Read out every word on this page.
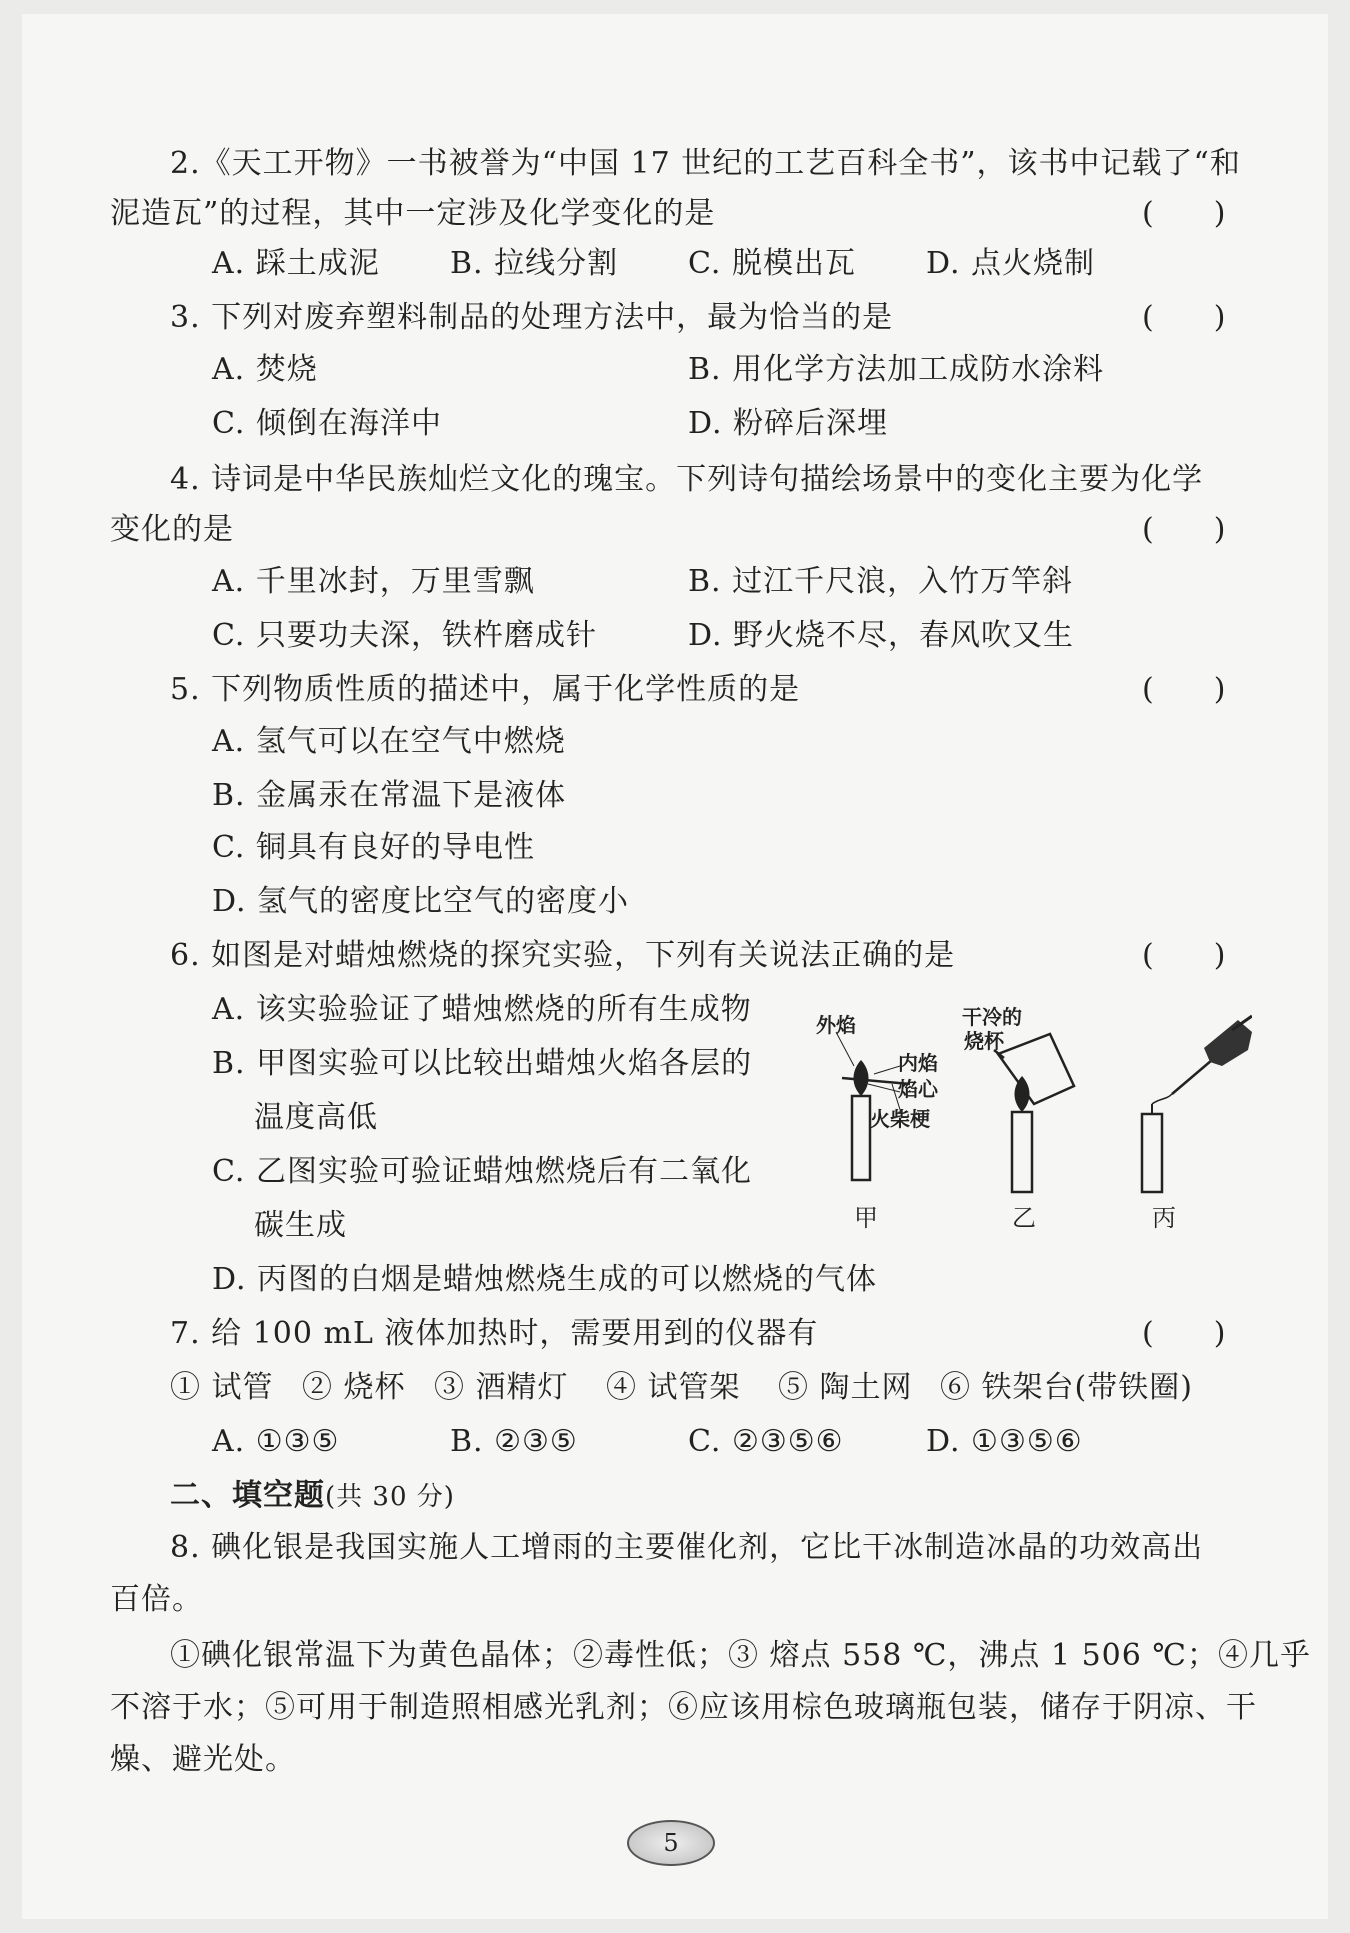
2.《天工开物》一书被誉为“中国 17 世纪的工艺百科全书”，该书中记载了“和
泥造瓦”的过程，其中一定涉及化学变化的是	(　　)
A. 踩土成泥 B. 拉线分割 C. 脱模出瓦 D. 点火烧制
3. 下列对废弃塑料制品的处理方法中，最为恰当的是	(　　)
A. 焚烧	B. 用化学方法加工成防水涂料
C. 倾倒在海洋中	D. 粉碎后深埋
4. 诗词是中华民族灿烂文化的瑰宝。下列诗句描绘场景中的变化主要为化学
变化的是	(　　)
A. 千里冰封，万里雪飘	B. 过江千尺浪，入竹万竿斜
C. 只要功夫深，铁杵磨成针	D. 野火烧不尽，春风吹又生
5. 下列物质性质的描述中，属于化学性质的是	(　　)
A. 氢气可以在空气中燃烧
B. 金属汞在常温下是液体
C. 铜具有良好的导电性
D. 氢气的密度比空气的密度小
6. 如图是对蜡烛燃烧的探究实验，下列有关说法正确的是	(　　)
A. 该实验验证了蜡烛燃烧的所有生成物
B. 甲图实验可以比较出蜡烛火焰各层的
温度高低
C. 乙图实验可验证蜡烛燃烧后有二氧化
碳生成
D. 丙图的白烟是蜡烛燃烧生成的可以燃烧的气体
外焰
内焰
焰心
火柴梗
甲
干冷的
烧杯
乙	丙
7. 给 100 mL 液体加热时，需要用到的仪器有	(　　)
① 试管 ② 烧杯 ③ 酒精灯 ④ 试管架 ⑤ 陶土网 ⑥ 铁架台(带铁圈)
A. ①③⑤	B. ②③⑤	C. ②③⑤⑥	D. ①③⑤⑥
二、填空题(共 30 分)
8. 碘化银是我国实施人工增雨的主要催化剂，它比干冰制造冰晶的功效高出
百倍。
①碘化银常温下为黄色晶体；②毒性低；③ 熔点 558 ℃，沸点 1 506 ℃；④几乎
不溶于水；⑤可用于制造照相感光乳剂；⑥应该用棕色玻璃瓶包装，储存于阴凉、干
燥、避光处。
5
